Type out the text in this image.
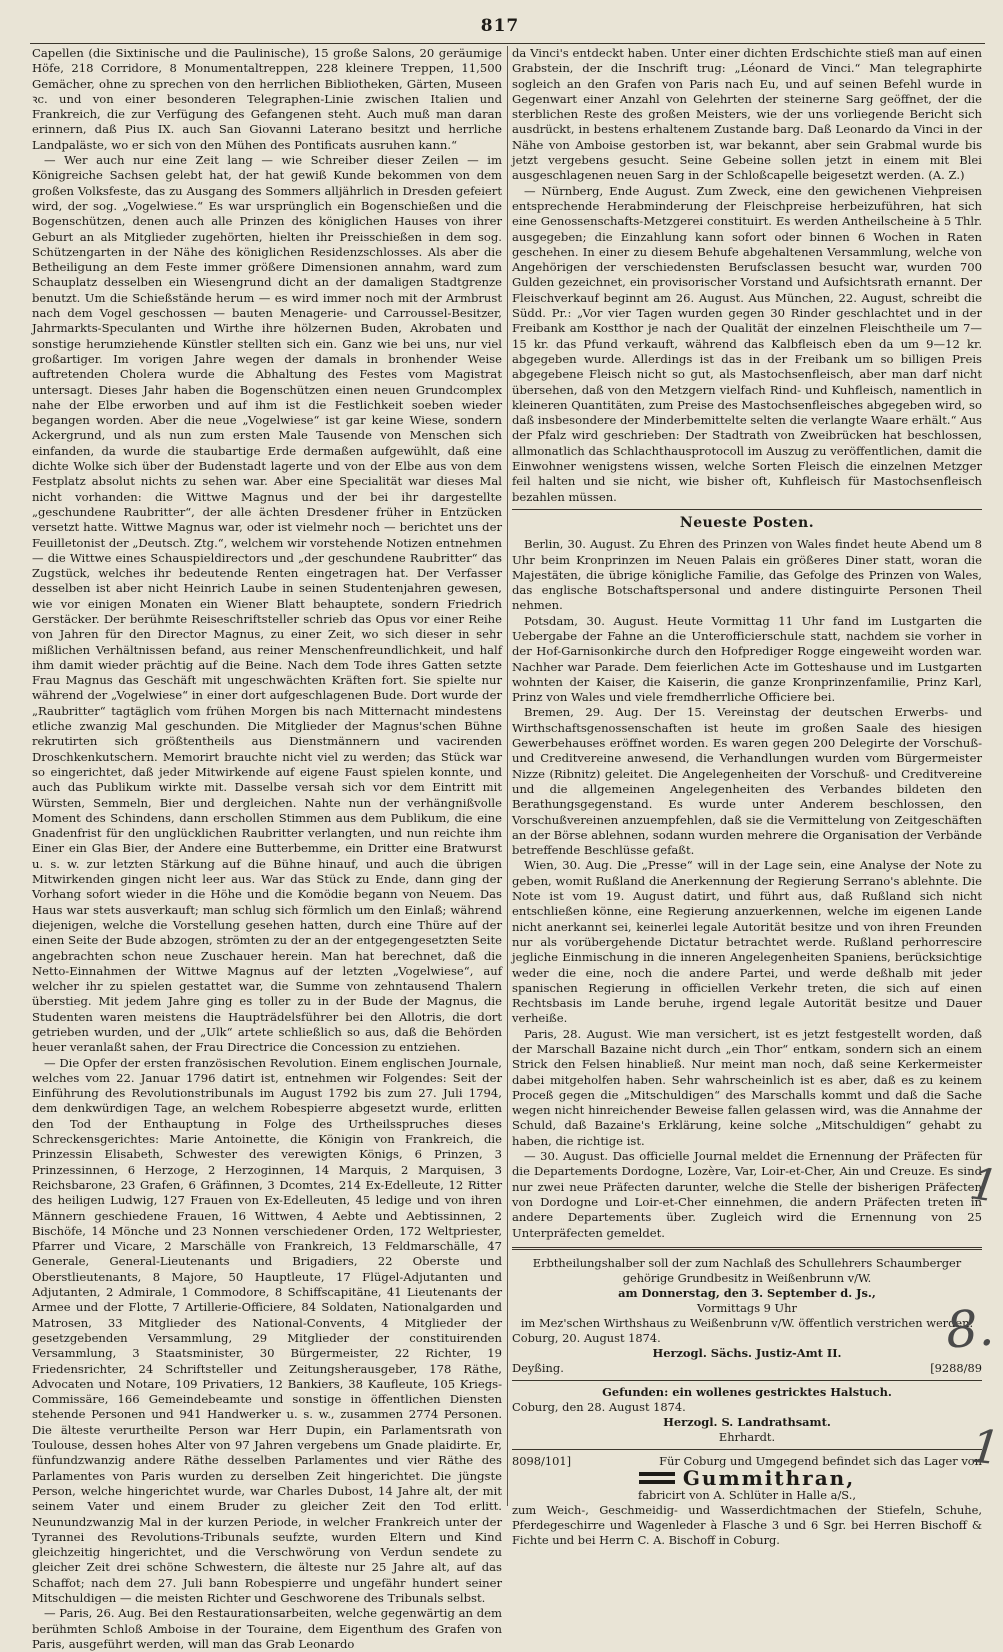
817

Capellen (die Sixtinische und die Paulinische), 15 große Salons, 20 geräumige Höfe, 218 Corridore, 8 Monumentaltreppen, 228 kleinere Treppen, 11,500 Gemächer, ohne zu sprechen von den herrlichen Bibliotheken, Gärten, Museen ꝛc. und von einer besonderen Telegraphen-Linie zwischen Italien und Frankreich, die zur Verfügung des Gefangenen steht. Auch muß man daran erinnern, daß Pius IX. auch San Giovanni Laterano besitzt und herrliche Landpaläste, wo er sich von den Mühen des Pontificats ausruhen kann.“

— Wer auch nur eine Zeit lang — wie Schreiber dieser Zeilen — im Königreiche Sachsen gelebt hat, der hat gewiß Kunde bekommen von dem großen Volksfeste, das zu Ausgang des Sommers alljährlich in Dresden gefeiert wird, der sog. „Vogelwiese.“ Es war ursprünglich ein Bogenschießen und die Bogenschützen, denen auch alle Prinzen des königlichen Hauses von ihrer Geburt an als Mitglieder zugehörten, hielten ihr Preisschießen in dem sog. Schützengarten in der Nähe des königlichen Residenzschlosses. Als aber die Betheiligung an dem Feste immer größere Dimensionen annahm, ward zum Schauplatz desselben ein Wiesengrund dicht an der damaligen Stadtgrenze benutzt. Um die Schießstände herum — es wird immer noch mit der Armbrust nach dem Vogel geschossen — bauten Menagerie- und Carroussel-Besitzer, Jahrmarkts-Speculanten und Wirthe ihre hölzernen Buden, Akrobaten und sonstige herumziehende Künstler stellten sich ein. Ganz wie bei uns, nur viel großartiger. Im vorigen Jahre wegen der damals in bronhender Weise auftretenden Cholera wurde die Abhaltung des Festes vom Magistrat untersagt. Dieses Jahr haben die Bogenschützen einen neuen Grundcomplex nahe der Elbe erworben und auf ihm ist die Festlichkeit soeben wieder begangen worden. Aber die neue „Vogelwiese“ ist gar keine Wiese, sondern Ackergrund, und als nun zum ersten Male Tausende von Menschen sich einfanden, da wurde die staubartige Erde dermaßen aufgewühlt, daß eine dichte Wolke sich über der Budenstadt lagerte und von der Elbe aus von dem Festplatz absolut nichts zu sehen war. Aber eine Specialität war dieses Mal nicht vorhanden: die Wittwe Magnus und der bei ihr dargestellte „geschundene Raubritter“, der alle ächten Dresdener früher in Entzücken versetzt hatte. Wittwe Magnus war, oder ist vielmehr noch — berichtet uns der Feuilletonist der „Deutsch. Ztg.“, welchem wir vorstehende Notizen entnehmen — die Wittwe eines Schauspieldirectors und „der geschundene Raubritter“ das Zugstück, welches ihr bedeutende Renten eingetragen hat. Der Verfasser desselben ist aber nicht Heinrich Laube in seinen Studentenjahren gewesen, wie vor einigen Monaten ein Wiener Blatt behauptete, sondern Friedrich Gerstäcker. Der berühmte Reiseschriftsteller schrieb das Opus vor einer Reihe von Jahren für den Director Magnus, zu einer Zeit, wo sich dieser in sehr mißlichen Verhältnissen befand, aus reiner Menschenfreundlichkeit, und half ihm damit wieder prächtig auf die Beine. Nach dem Tode ihres Gatten setzte Frau Magnus das Geschäft mit ungeschwächten Kräften fort. Sie spielte nur während der „Vogelwiese“ in einer dort aufgeschlagenen Bude. Dort wurde der „Raubritter“ tagtäglich vom frühen Morgen bis nach Mitternacht mindestens etliche zwanzig Mal geschunden. Die Mitglieder der Magnus'schen Bühne rekrutirten sich größtentheils aus Dienstmännern und vacirenden Droschkenkutschern. Memorirt brauchte nicht viel zu werden; das Stück war so eingerichtet, daß jeder Mitwirkende auf eigene Faust spielen konnte, und auch das Publikum wirkte mit. Dasselbe versah sich vor dem Eintritt mit Würsten, Semmeln, Bier und dergleichen. Nahte nun der verhängnißvolle Moment des Schindens, dann erschollen Stimmen aus dem Publikum, die eine Gnadenfrist für den unglücklichen Raubritter verlangten, und nun reichte ihm Einer ein Glas Bier, der Andere eine Butterbemme, ein Dritter eine Bratwurst u. s. w. zur letzten Stärkung auf die Bühne hinauf, und auch die übrigen Mitwirkenden gingen nicht leer aus. War das Stück zu Ende, dann ging der Vorhang sofort wieder in die Höhe und die Komödie begann von Neuem. Das Haus war stets ausverkauft; man schlug sich förmlich um den Einlaß; während diejenigen, welche die Vorstellung gesehen hatten, durch eine Thüre auf der einen Seite der Bude abzogen, strömten zu der an der entgegengesetzten Seite angebrachten schon neue Zuschauer herein. Man hat berechnet, daß die Netto-Einnahmen der Wittwe Magnus auf der letzten „Vogelwiese“, auf welcher ihr zu spielen gestattet war, die Summe von zehntausend Thalern überstieg. Mit jedem Jahre ging es toller zu in der Bude der Magnus, die Studenten waren meistens die Haupträdelsführer bei den Allotris, die dort getrieben wurden, und der „Ulk“ artete schließlich so aus, daß die Behörden heuer veranlaßt sahen, der Frau Directrice die Concession zu entziehen.

— Die Opfer der ersten französischen Revolution. Einem englischen Journale, welches vom 22. Januar 1796 datirt ist, entnehmen wir Folgendes: Seit der Einführung des Revolutionstribunals im August 1792 bis zum 27. Juli 1794, dem denkwürdigen Tage, an welchem Robespierre abgesetzt wurde, erlitten den Tod der Enthauptung in Folge des Urtheilsspruches dieses Schreckensgerichtes: Marie Antoinette, die Königin von Frankreich, die Prinzessin Elisabeth, Schwester des verewigten Königs, 6 Prinzen, 3 Prinzessinnen, 6 Herzoge, 2 Herzoginnen, 14 Marquis, 2 Marquisen, 3 Reichsbarone, 23 Grafen, 6 Gräfinnen, 3 Dcomtes, 214 Ex-Edelleute, 12 Ritter des heiligen Ludwig, 127 Frauen von Ex-Edelleuten, 45 ledige und von ihren Männern geschiedene Frauen, 16 Wittwen, 4 Aebte und Aebtissinnen, 2 Bischöfe, 14 Mönche und 23 Nonnen verschiedener Orden, 172 Weltpriester, Pfarrer und Vicare, 2 Marschälle von Frankreich, 13 Feldmarschälle, 47 Generale, General-Lieutenants und Brigadiers, 22 Oberste und Oberstlieutenants, 8 Majore, 50 Hauptleute, 17 Flügel-Adjutanten und Adjutanten, 2 Admirale, 1 Commodore, 8 Schiffscapitäne, 41 Lieutenants der Armee und der Flotte, 7 Artillerie-Officiere, 84 Soldaten, Nationalgarden und Matrosen, 33 Mitglieder des National-Convents, 4 Mitglieder der gesetzgebenden Versammlung, 29 Mitglieder der constituirenden Versammlung, 3 Staatsminister, 30 Bürgermeister, 22 Richter, 19 Friedensrichter, 24 Schriftsteller und Zeitungsherausgeber, 178 Räthe, Advocaten und Notare, 109 Privatiers, 12 Bankiers, 38 Kaufleute, 105 Kriegs-Commissäre, 166 Gemeindebeamte und sonstige in öffentlichen Diensten stehende Personen und 941 Handwerker u. s. w., zusammen 2774 Personen. Die älteste verurtheilte Person war Herr Dupin, ein Parlamentsrath von Toulouse, dessen hohes Alter von 97 Jahren vergebens um Gnade plaidirte. Er, fünfundzwanzig andere Räthe desselben Parlamentes und vier Räthe des Parlamentes von Paris wurden zu derselben Zeit hingerichtet. Die jüngste Person, welche hingerichtet wurde, war Charles Dubost, 14 Jahre alt, der mit seinem Vater und einem Bruder zu gleicher Zeit den Tod erlitt. Neunundzwanzig Mal in der kurzen Periode, in welcher Frankreich unter der Tyrannei des Revolutions-Tribunals seufzte, wurden Eltern und Kind gleichzeitig hingerichtet, und die Verschwörung von Verdun sendete zu gleicher Zeit drei schöne Schwestern, die älteste nur 25 Jahre alt, auf das Schaffot; nach dem 27. Juli bann Robespierre und ungefähr hundert seiner Mitschuldigen — die meisten Richter und Geschworene des Tribunals selbst.

— Paris, 26. Aug. Bei den Restaurationsarbeiten, welche gegenwärtig an dem berühmten Schloß Amboise in der Touraine, dem Eigenthum des Grafen von Paris, ausgeführt werden, will man das Grab Leonardo

da Vinci's entdeckt haben. Unter einer dichten Erdschichte stieß man auf einen Grabstein, der die Inschrift trug: „Léonard de Vinci.“ Man telegraphirte sogleich an den Grafen von Paris nach Eu, und auf seinen Befehl wurde in Gegenwart einer Anzahl von Gelehrten der steinerne Sarg geöffnet, der die sterblichen Reste des großen Meisters, wie der uns vorliegende Bericht sich ausdrückt, in bestens erhaltenem Zustande barg. Daß Leonardo da Vinci in der Nähe von Amboise gestorben ist, war bekannt, aber sein Grabmal wurde bis jetzt vergebens gesucht. Seine Gebeine sollen jetzt in einem mit Blei ausgeschlagenen neuen Sarg in der Schloßcapelle beigesetzt werden. (A. Z.)

— Nürnberg, Ende August. Zum Zweck, eine den gewichenen Viehpreisen entsprechende Herabminderung der Fleischpreise herbeizuführen, hat sich eine Genossenschafts-Metzgerei constituirt. Es werden Antheilscheine à 5 Thlr. ausgegeben; die Einzahlung kann sofort oder binnen 6 Wochen in Raten geschehen. In einer zu diesem Behufe abgehaltenen Versammlung, welche von Angehörigen der verschiedensten Berufsclassen besucht war, wurden 700 Gulden gezeichnet, ein provisorischer Vorstand und Aufsichtsrath ernannt. Der Fleischverkauf beginnt am 26. August. Aus München, 22. August, schreibt die Südd. Pr.: „Vor vier Tagen wurden gegen 30 Rinder geschlachtet und in der Freibank am Kostthor je nach der Qualität der einzelnen Fleischtheile um 7—15 kr. das Pfund verkauft, während das Kalbfleisch eben da um 9—12 kr. abgegeben wurde. Allerdings ist das in der Freibank um so billigen Preis abgegebene Fleisch nicht so gut, als Mastochsenfleisch, aber man darf nicht übersehen, daß von den Metzgern vielfach Rind- und Kuhfleisch, namentlich in kleineren Quantitäten, zum Preise des Mastochsenfleisches abgegeben wird, so daß insbesondere der Minderbemittelte selten die verlangte Waare erhält.“ Aus der Pfalz wird geschrieben: Der Stadtrath von Zweibrücken hat beschlossen, allmonatlich das Schlachthausprotocoll im Auszug zu veröffentlichen, damit die Einwohner wenigstens wissen, welche Sorten Fleisch die einzelnen Metzger feil halten und sie nicht, wie bisher oft, Kuhfleisch für Mastochsenfleisch bezahlen müssen.

Neueste Posten.

Berlin, 30. August. Zu Ehren des Prinzen von Wales findet heute Abend um 8 Uhr beim Kronprinzen im Neuen Palais ein größeres Diner statt, woran die Majestäten, die übrige königliche Familie, das Gefolge des Prinzen von Wales, das englische Botschaftspersonal und andere distinguirte Personen Theil nehmen.

Potsdam, 30. August. Heute Vormittag 11 Uhr fand im Lustgarten die Uebergabe der Fahne an die Unterofficierschule statt, nachdem sie vorher in der Hof-Garnisonkirche durch den Hofprediger Rogge eingeweiht worden war. Nachher war Parade. Dem feierlichen Acte im Gotteshause und im Lustgarten wohnten der Kaiser, die Kaiserin, die ganze Kronprinzenfamilie, Prinz Karl, Prinz von Wales und viele fremdherrliche Officiere bei.

Bremen, 29. Aug. Der 15. Vereinstag der deutschen Erwerbs- und Wirthschaftsgenossenschaften ist heute im großen Saale des hiesigen Gewerbehauses eröffnet worden. Es waren gegen 200 Delegirte der Vorschuß- und Creditvereine anwesend, die Verhandlungen wurden vom Bürgermeister Nizze (Ribnitz) geleitet. Die Angelegenheiten der Vorschuß- und Creditvereine und die allgemeinen Angelegenheiten des Verbandes bildeten den Berathungsgegenstand. Es wurde unter Anderem beschlossen, den Vorschußvereinen anzuempfehlen, daß sie die Vermittelung von Zeitgeschäften an der Börse ablehnen, sodann wurden mehrere die Organisation der Verbände betreffende Beschlüsse gefaßt.

Wien, 30. Aug. Die „Presse“ will in der Lage sein, eine Analyse der Note zu geben, womit Rußland die Anerkennung der Regierung Serrano's ablehnte. Die Note ist vom 19. August datirt, und führt aus, daß Rußland sich nicht entschließen könne, eine Regierung anzuerkennen, welche im eigenen Lande nicht anerkannt sei, keinerlei legale Autorität besitze und von ihren Freunden nur als vorübergehende Dictatur betrachtet werde. Rußland perhorrescire jegliche Einmischung in die inneren Angelegenheiten Spaniens, berücksichtige weder die eine, noch die andere Partei, und werde deßhalb mit jeder spanischen Regierung in officiellen Verkehr treten, die sich auf einen Rechtsbasis im Lande beruhe, irgend legale Autorität besitze und Dauer verheiße.

Paris, 28. August. Wie man versichert, ist es jetzt festgestellt worden, daß der Marschall Bazaine nicht durch „ein Thor“ entkam, sondern sich an einem Strick den Felsen hinabließ. Nur meint man noch, daß seine Kerkermeister dabei mitgeholfen haben. Sehr wahrscheinlich ist es aber, daß es zu keinem Proceß gegen die „Mitschuldigen“ des Marschalls kommt und daß die Sache wegen nicht hinreichender Beweise fallen gelassen wird, was die Annahme der Schuld, daß Bazaine's Erklärung, keine solche „Mitschuldigen“ gehabt zu haben, die richtige ist.

— 30. August. Das officielle Journal meldet die Ernennung der Präfecten für die Departements Dordogne, Lozère, Var, Loir-et-Cher, Ain und Creuze. Es sind nur zwei neue Präfecten darunter, welche die Stelle der bisherigen Präfecten von Dordogne und Loir-et-Cher einnehmen, die andern Präfecten treten in andere Departements über. Zugleich wird die Ernennung von 25 Unterpräfecten gemeldet.

Erbtheilungshalber soll der zum Nachlaß des Schullehrers Schaumberger gehörige Grundbesitz in Weißenbrunn v/W.
am Donnerstag, den 3. September d. Js.,
Vormittags 9 Uhr
im Mez'schen Wirthshaus zu Weißenbrunn v/W. öffentlich verstrichen werden.
Coburg, 20. August 1874.
Herzogl. Sächs. Justiz-Amt II.
Deyßing.	[9288/89
Gefunden: ein wollenes gestricktes Halstuch.
Coburg, den 28. August 1874.
Herzogl. S. Landrathsamt.
Ehrhardt.
8098/101]	Für Coburg und Umgegend befindet sich das Lager von
Gummithran,
fabricirt von A. Schlüter in Halle a/S.,
zum Weich-, Geschmeidig- und Wasserdichtmachen der Stiefeln, Schuhe, Pferdegeschirre und Wagenleder à Flasche 3 und 6 Sgr. bei Herren Bischoff & Fichte und bei Herrn C. A. Bischoff in Coburg.
1
8.
1
